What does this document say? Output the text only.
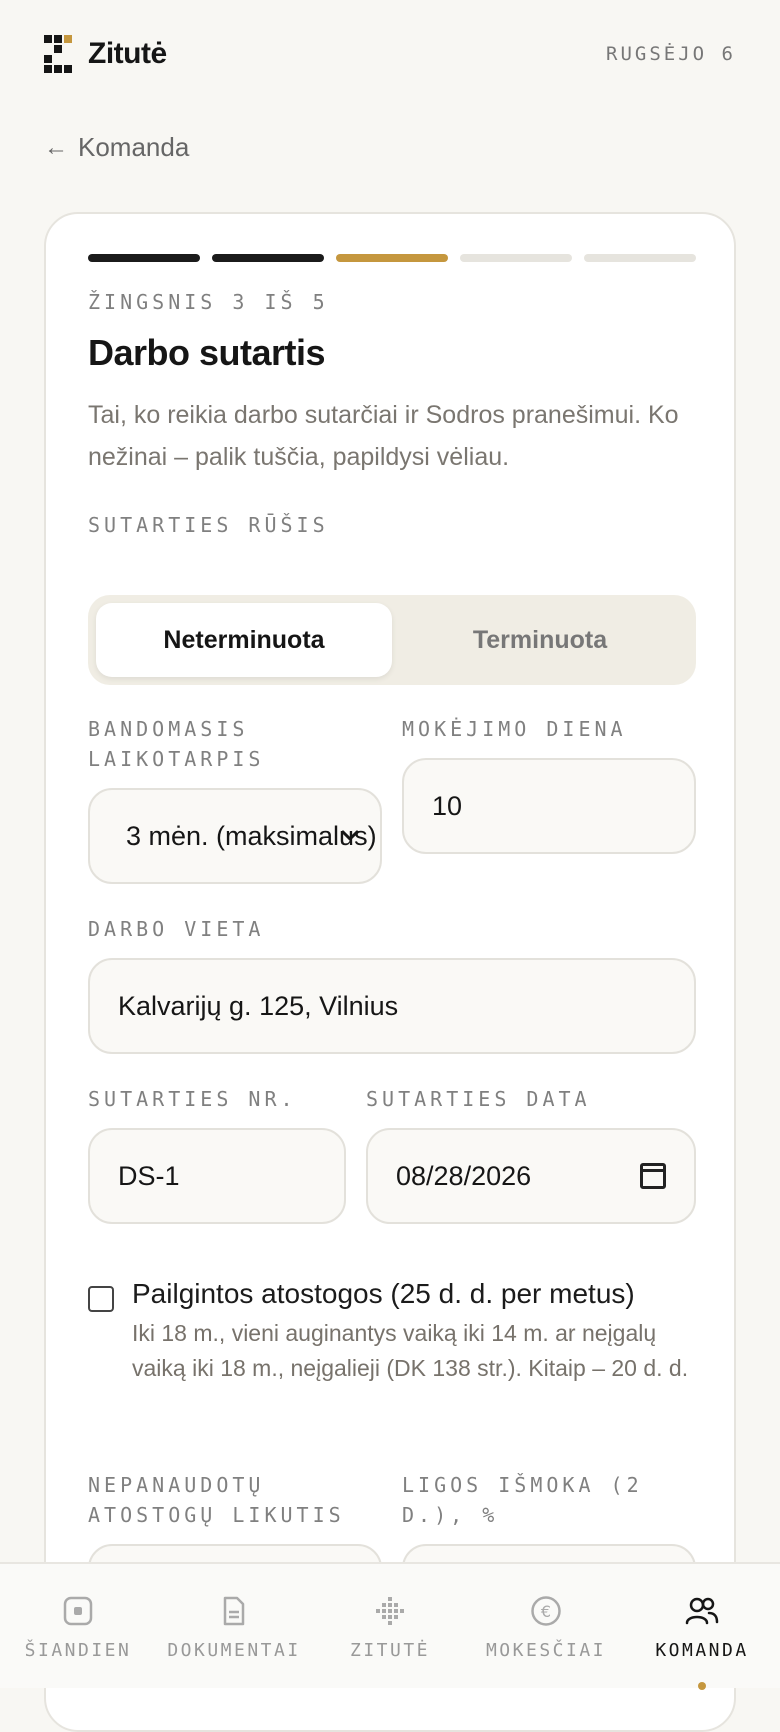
Zitutė	RUGSĖJO 6
← Komanda
ŽINGSNIS 3 IŠ 5
Darbo sutartis

Tai, ko reikia darbo sutarčiai ir Sodros pranešimui. Ko nežinai – palik tuščia, papildysi vėliau.

SUTARTIES RŪŠIS
Neterminuota	Terminuota
BANDOMASIS LAIKOTARPIS
3 mėn. (maksimalus)
MOKĖJIMO DIENA
10
DARBO VIETA
Kalvarijų g. 125, Vilnius
SUTARTIES NR.
DS-1
SUTARTIES DATA
08/28/2026
Pailgintos atostogos (25 d. d. per metus)
Iki 18 m., vieni auginantys vaiką iki 14 m. ar neįgalų vaiką iki 18 m., neįgalieji (DK 138 str.). Kitaip – 20 d. d.
NEPANAUDOTŲ ATOSTOGŲ LIKUTIS
LIGOS IŠMOKA (2 D.), %
ŠIANDIEN DOKUMENTAI	ZITUTĖ
€
MOKESČIAI	KOMANDA
